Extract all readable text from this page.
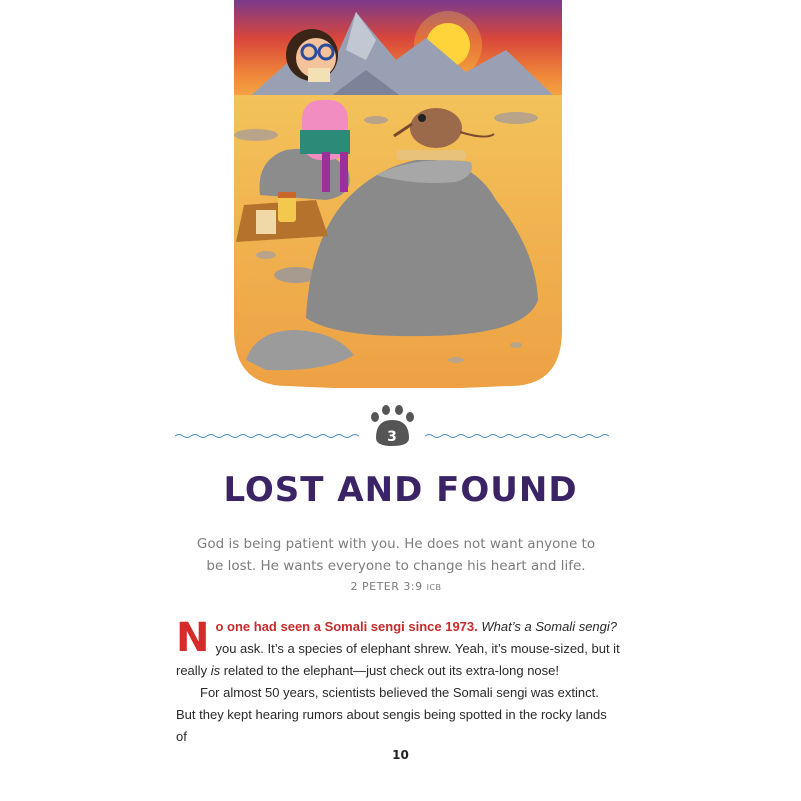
3
LOST AND FOUND
God is being patient with you. He does not want anyone to
be lost. He wants everyone to change his heart and life.
2 PETER 3:9 ICB

No one had seen a Somali sengi since 1973. What’s a Somali sengi? you ask. It’s a species of elephant shrew. Yeah, it’s mouse-sized, but it really is related to the elephant—just check out its extra-long nose!

For almost 50 years, scientists believed the Somali sengi was extinct. But they kept hearing rumors about sengis being spotted in the rocky lands of

10
